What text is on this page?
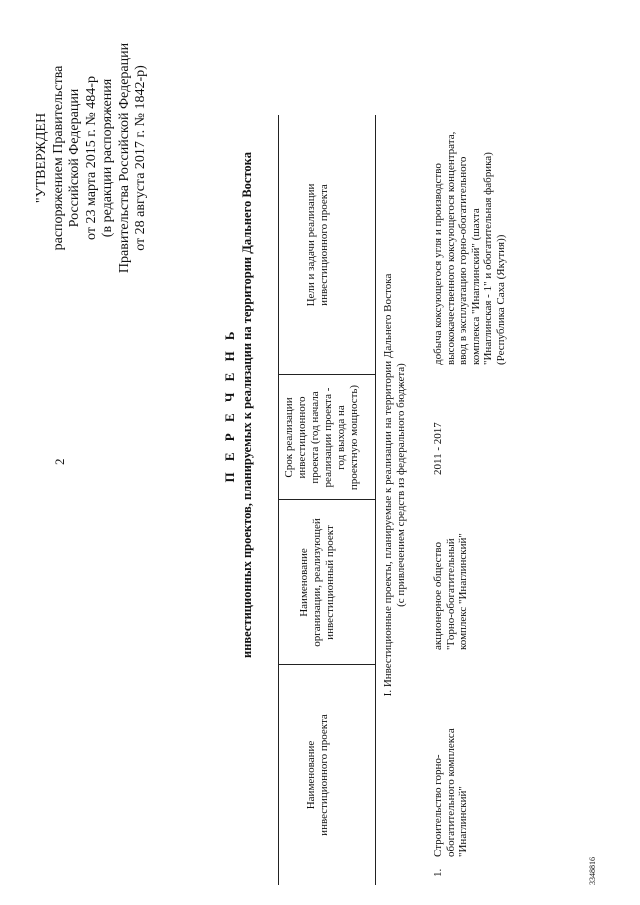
2
"УТВЕРЖДЕН распоряжением Правительства Российской Федерации от 23 марта 2015 г. № 484-р (в редакции распоряжения Правительства Российской Федерации от 28 августа 2017 г. № 1842-р)
П Е Р Е Ч Е Н Ь инвестиционных проектов, планируемых к реализации на территории Дальнего Востока
Наименование инвестиционного проекта
Наименование организации, реализующей инвестиционный проект
Срок реализации инвестиционного проекта (год начала реализации проекта - год выхода на проектную мощность)
Цели и задачи реализации инвестиционного проекта
I. Инвестиционные проекты, планируемые к реализации на территории Дальнего Востока (с привлечением средств из федерального бюджета)
1.
Строительство горно- обогатительного комплекса "Инаглинский"
акционерное общество "Горно-обогатительный комплекс "Инаглинский"
2011 - 2017
добыча коксующегося угля и производство высококачественного коксующегося концентрата, ввод в эксплуатацию горно-обогатительного комплекса "Инаглинский" (шахта "Инаглинская - 1" и обогатительная фабрика) (Республика Саха (Якутия))
3348816
